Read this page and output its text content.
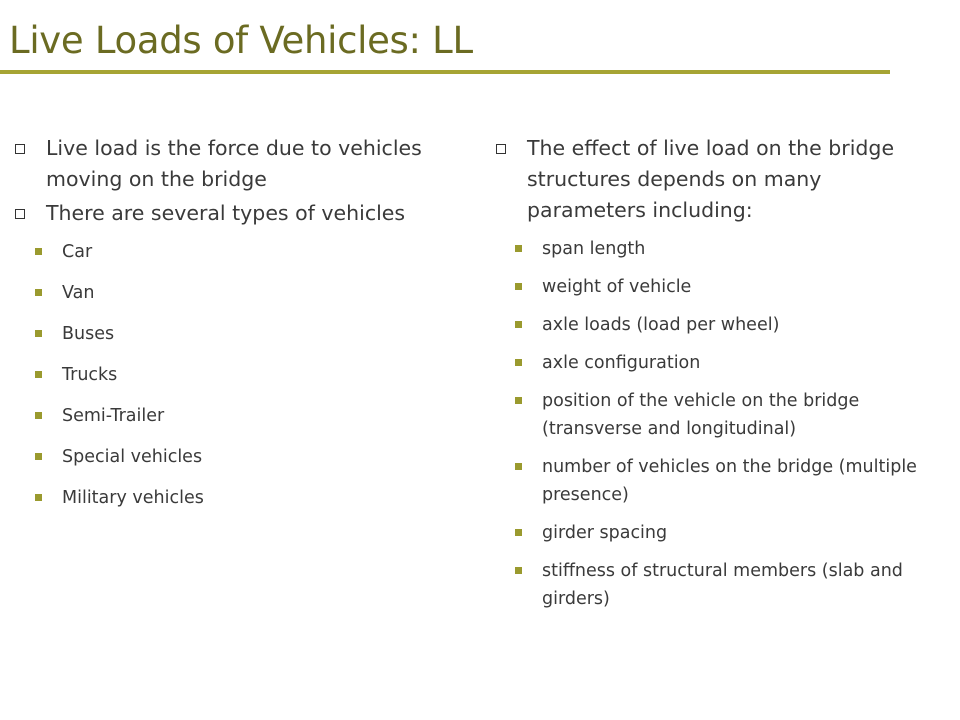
Live Loads of Vehicles: LL
Live load is the force due to vehicles moving on the bridge
There are several types of vehicles
Car
Van
Buses
Trucks
Semi-Trailer
Special vehicles
Military vehicles
The effect of live load on the bridge structures depends on many parameters including:
span length
weight of vehicle
axle loads (load per wheel)
axle configuration
position of the vehicle on the bridge (transverse and longitudinal)
number of vehicles on the bridge (multiple presence)
girder spacing
stiffness of structural members (slab and girders)
